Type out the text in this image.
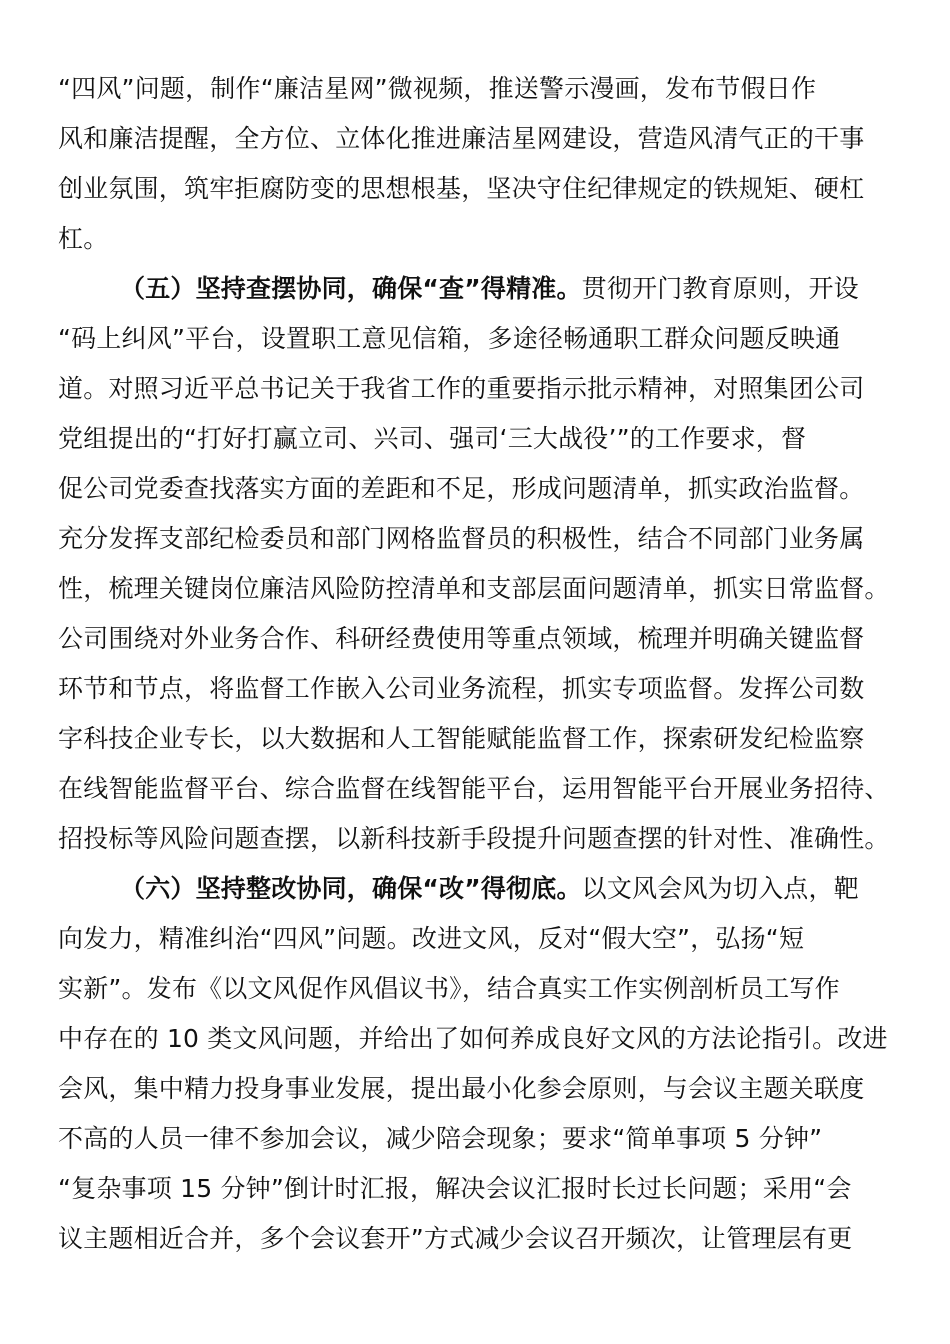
“四风”问题，制作“廉洁星网”微视频，推送警示漫画，发布节假日作
风和廉洁提醒，全方位、立体化推进廉洁星网建设，营造风清气正的干事
创业氛围，筑牢拒腐防变的思想根基，坚决守住纪律规定的铁规矩、硬杠
杠。
（五）坚持查摆协同，确保“查”得精准。贯彻开门教育原则，开设
“码上纠风”平台，设置职工意见信箱，多途径畅通职工群众问题反映通
道。对照习近平总书记关于我省工作的重要指示批示精神，对照集团公司
党组提出的“打好打赢立司、兴司、强司‘三大战役’”的工作要求，督
促公司党委查找落实方面的差距和不足，形成问题清单，抓实政治监督。
充分发挥支部纪检委员和部门网格监督员的积极性，结合不同部门业务属
性，梳理关键岗位廉洁风险防控清单和支部层面问题清单，抓实日常监督。
公司围绕对外业务合作、科研经费使用等重点领域，梳理并明确关键监督
环节和节点，将监督工作嵌入公司业务流程，抓实专项监督。发挥公司数
字科技企业专长，以大数据和人工智能赋能监督工作，探索研发纪检监察
在线智能监督平台、综合监督在线智能平台，运用智能平台开展业务招待、
招投标等风险问题查摆，以新科技新手段提升问题查摆的针对性、准确性。
（六）坚持整改协同，确保“改”得彻底。以文风会风为切入点，靶
向发力，精准纠治“四风”问题。改进文风，反对“假大空”，弘扬“短
实新”。发布《以文风促作风倡议书》，结合真实工作实例剖析员工写作
中存在的 10 类文风问题，并给出了如何养成良好文风的方法论指引。改进
会风，集中精力投身事业发展，提出最小化参会原则，与会议主题关联度
不高的人员一律不参加会议，减少陪会现象；要求“简单事项 5 分钟”
“复杂事项 15 分钟”倒计时汇报，解决会议汇报时长过长问题；采用“会
议主题相近合并，多个会议套开”方式减少会议召开频次，让管理层有更
